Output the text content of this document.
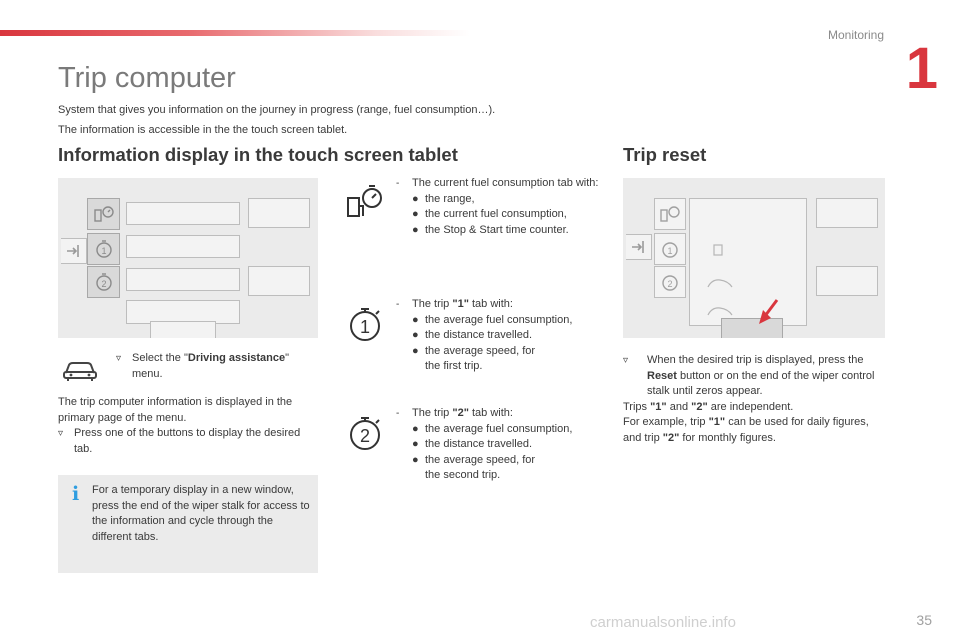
Monitoring
1
Trip computer

System that gives you information on the journey in progress (range, fuel consumption…).

The information is accessible in the the touch screen tablet.

Information display in the touch screen tablet	Trip reset
1
2
▿ Select the "Driving assistance" menu.
The trip computer information is displayed in the primary page of the menu.
▿ Press one of the buttons to display the desired tab.
i For a temporary display in a new window, press the end of the wiper stalk for access to the information and cycle through the different tabs.
1
2
-	The current fuel consumption tab with:
● the range,
● the current fuel consumption,
● the Stop & Start time counter.
-	The trip "1" tab with:
● the average fuel consumption,
● the distance travelled.
● the average speed, for the first trip.
-	The trip "2" tab with:
● the average fuel consumption,
● the distance travelled.
● the average speed, for the second trip.
1
2
▿	When the desired trip is displayed, press the Reset button or on the end of the wiper control stalk until zeros appear.
Trips "1" and "2" are independent.
For example, trip "1" can be used for daily figures, and trip "2" for monthly figures.
carmanualsonline.info	35
